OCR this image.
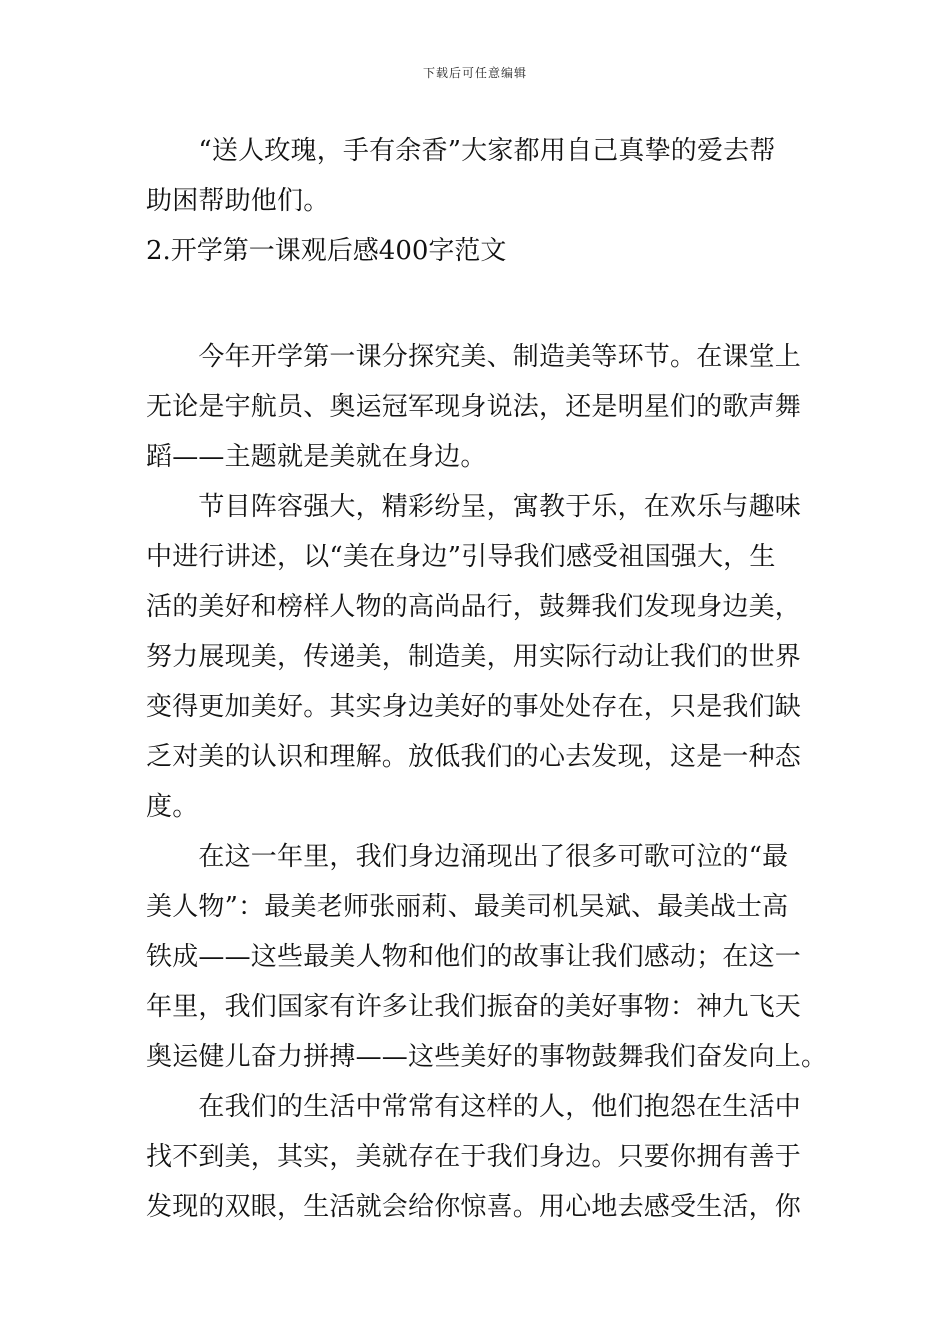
下载后可任意编辑
　　“送人玫瑰，手有余香”大家都用自己真挚的爱去帮
助困帮助他们。
2.开学第一课观后感400字范文
　　今年开学第一课分探究美、制造美等环节。在课堂上
无论是宇航员、奥运冠军现身说法，还是明星们的歌声舞
蹈——主题就是美就在身边。
　　节目阵容强大，精彩纷呈，寓教于乐，在欢乐与趣味
中进行讲述，以“美在身边”引导我们感受祖国强大，生
活的美好和榜样人物的高尚品行，鼓舞我们发现身边美，
努力展现美，传递美，制造美，用实际行动让我们的世界
变得更加美好。其实身边美好的事处处存在，只是我们缺
乏对美的认识和理解。放低我们的心去发现，这是一种态
度。
　　在这一年里，我们身边涌现出了很多可歌可泣的“最
美人物”：最美老师张丽莉、最美司机吴斌、最美战士高
铁成——这些最美人物和他们的故事让我们感动；在这一
年里，我们国家有许多让我们振奋的美好事物：神九飞天
奥运健儿奋力拼搏——这些美好的事物鼓舞我们奋发向上。
　　在我们的生活中常常有这样的人，他们抱怨在生活中
找不到美，其实，美就存在于我们身边。只要你拥有善于
发现的双眼，生活就会给你惊喜。用心地去感受生活，你
